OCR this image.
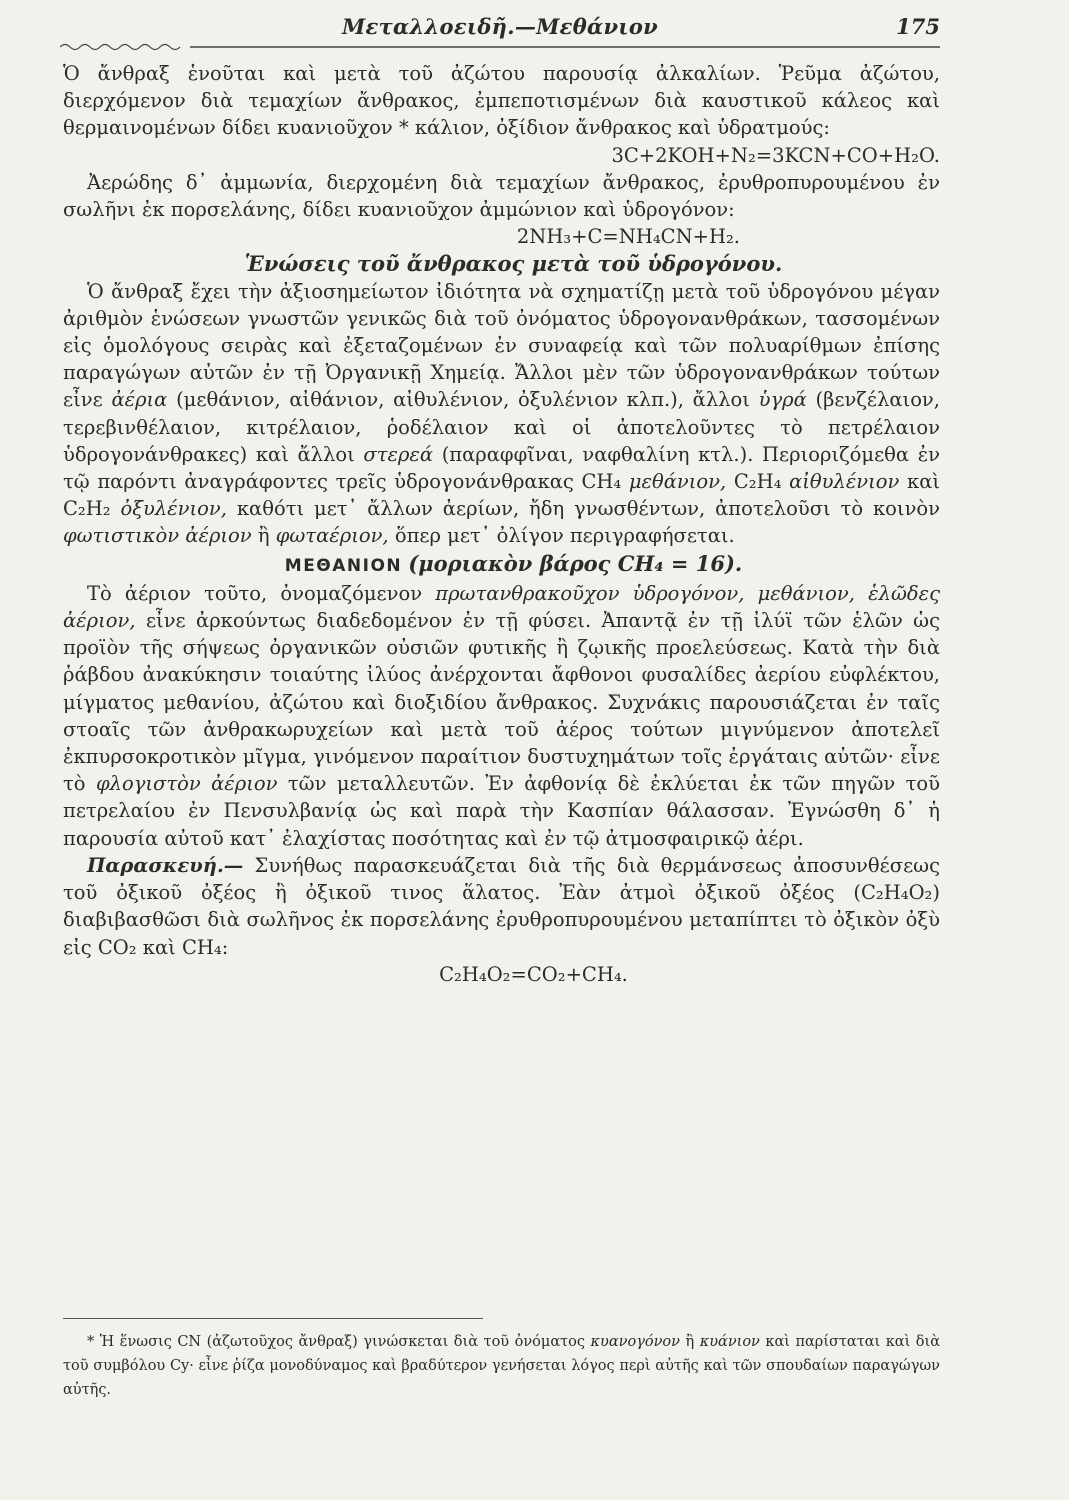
Μεταλλοειδῆ.—Μεθάνιον	175

Ὁ ἄνθραξ ἑνοῦται καὶ μετὰ τοῦ ἀζώτου παρουσίᾳ ἀλκαλίων. Ῥεῦμα ἀζώτου, διερχόμενον διὰ τεμαχίων ἄνθρακος, ἐμπεποτισμένων διὰ καυστικοῦ κάλεος καὶ θερμαινομένων δίδει κυανιοῦχον * κάλιον, ὀξίδιον ἄνθρακος καὶ ὑδρατμούς:
3C+2KOH+N₂=3KCN+CO+H₂O.

Ἀερώδης δ᾽ ἀμμωνία, διερχομένη διὰ τεμαχίων ἄνθρακος, ἐρυθροπυρουμένου ἐν σωλῆνι ἐκ πορσελάνης, δίδει κυανιοῦχον ἀμμώνιον καὶ ὑδρογόνον:
2NH₃+C=NH₄CN+H₂.

Ἑνώσεις τοῦ ἄνθρακος μετὰ τοῦ ὑδρογόνου.

Ὁ ἄνθραξ ἔχει τὴν ἀξιοσημείωτον ἰδιότητα νὰ σχηματίζῃ μετὰ τοῦ ὑδρογόνου μέγαν ἀριθμὸν ἑνώσεων γνωστῶν γενικῶς διὰ τοῦ ὀνόματος ὑδρογονανθράκων, τασσομένων εἰς ὁμολόγους σειρὰς καὶ ἐξεταζομένων ἐν συναφείᾳ καὶ τῶν πολυαρίθμων ἐπίσης παραγώγων αὐτῶν ἐν τῇ Ὀργανικῇ Χημείᾳ. Ἄλλοι μὲν τῶν ὑδρογονανθράκων τούτων εἶνε ἀέρια (μεθάνιον, αἰθάνιον, αἰθυλένιον, ὀξυλένιον κλπ.), ἄλλοι ὑγρά (βενζέλαιον, τερεβινθέλαιον, κιτρέλαιον, ῥοδέλαιον καὶ οἱ ἀποτελοῦντες τὸ πετρέλαιον ὑδρογονάνθρακες) καὶ ἄλλοι στερεά (παραφφῖναι, ναφθαλίνη κτλ.). Περιοριζόμεθα ἐν τῷ παρόντι ἀναγράφοντες τρεῖς ὑδρογονάνθρακας CH₄ μεθάνιον, C₂H₄ αἰθυλένιον καὶ C₂H₂ ὀξυλένιον, καθότι μετ᾽ ἄλλων ἀερίων, ἤδη γνωσθέντων, ἀποτελοῦσι τὸ κοινὸν φωτιστικὸν ἀέριον ἢ φωταέριον, ὅπερ μετ᾽ ὀλίγον περιγραφήσεται.

ΜΕΘΑΝΙΟΝ (μοριακὸν βάρος CH₄ = 16).

Τὸ ἀέριον τοῦτο, ὀνομαζόμενον πρωτανθρακοῦχον ὑδρογόνον, μεθάνιον, ἑλῶδες ἀέριον, εἶνε ἀρκούντως διαδεδομένον ἐν τῇ φύσει. Ἀπαντᾷ ἐν τῇ ἰλύϊ τῶν ἑλῶν ὡς προϊὸν τῆς σήψεως ὀργανικῶν οὐσιῶν φυτικῆς ἢ ζῳικῆς προελεύσεως. Κατὰ τὴν διὰ ῥάβδου ἀνακύκησιν τοιαύτης ἰλύος ἀνέρχονται ἄφθονοι φυσαλίδες ἀερίου εὐφλέκτου, μίγματος μεθανίου, ἀζώτου καὶ διοξιδίου ἄνθρακος. Συχνάκις παρουσιάζεται ἐν ταῖς στοαῖς τῶν ἀνθρακωρυχείων καὶ μετὰ τοῦ ἀέρος τούτων μιγνύμενον ἀποτελεῖ ἐκπυρσοκροτικὸν μῖγμα, γινόμενον παραίτιον δυστυχημάτων τοῖς ἐργάταις αὐτῶν· εἶνε τὸ φλογιστὸν ἀέριον τῶν μεταλλευτῶν. Ἐν ἀφθονίᾳ δὲ ἐκλύεται ἐκ τῶν πηγῶν τοῦ πετρελαίου ἐν Πενσυλβανίᾳ ὡς καὶ παρὰ τὴν Κασπίαν θάλασσαν. Ἐγνώσθη δ᾽ ἡ παρουσία αὐτοῦ κατ᾽ ἐλαχίστας ποσότητας καὶ ἐν τῷ ἀτμοσφαιρικῷ ἀέρι.

Παρασκευή.— Συνήθως παρασκευάζεται διὰ τῆς διὰ θερμάνσεως ἀποσυνθέσεως τοῦ ὀξικοῦ ὀξέος ἢ ὀξικοῦ τινος ἅλατος. Ἐὰν ἀτμοὶ ὀξικοῦ ὀξέος (C₂H₄O₂) διαβιβασθῶσι διὰ σωλῆνος ἐκ πορσελάνης ἐρυθροπυρουμένου μεταπίπτει τὸ ὀξικὸν ὀξὺ εἰς CO₂ καὶ CH₄:

C₂H₄O₂=CO₂+CH₄.

* Ἡ ἕνωσις CN (ἀζωτοῦχος ἄνθραξ) γινώσκεται διὰ τοῦ ὀνόματος κυανογόνον ἢ κυάνιον καὶ παρίσταται καὶ διὰ τοῦ συμβόλου Cy· εἶνε ῥίζα μονοδύναμος καὶ βραδύτερον γενήσεται λόγος περὶ αὐτῆς καὶ τῶν σπουδαίων παραγώγων αὐτῆς.
